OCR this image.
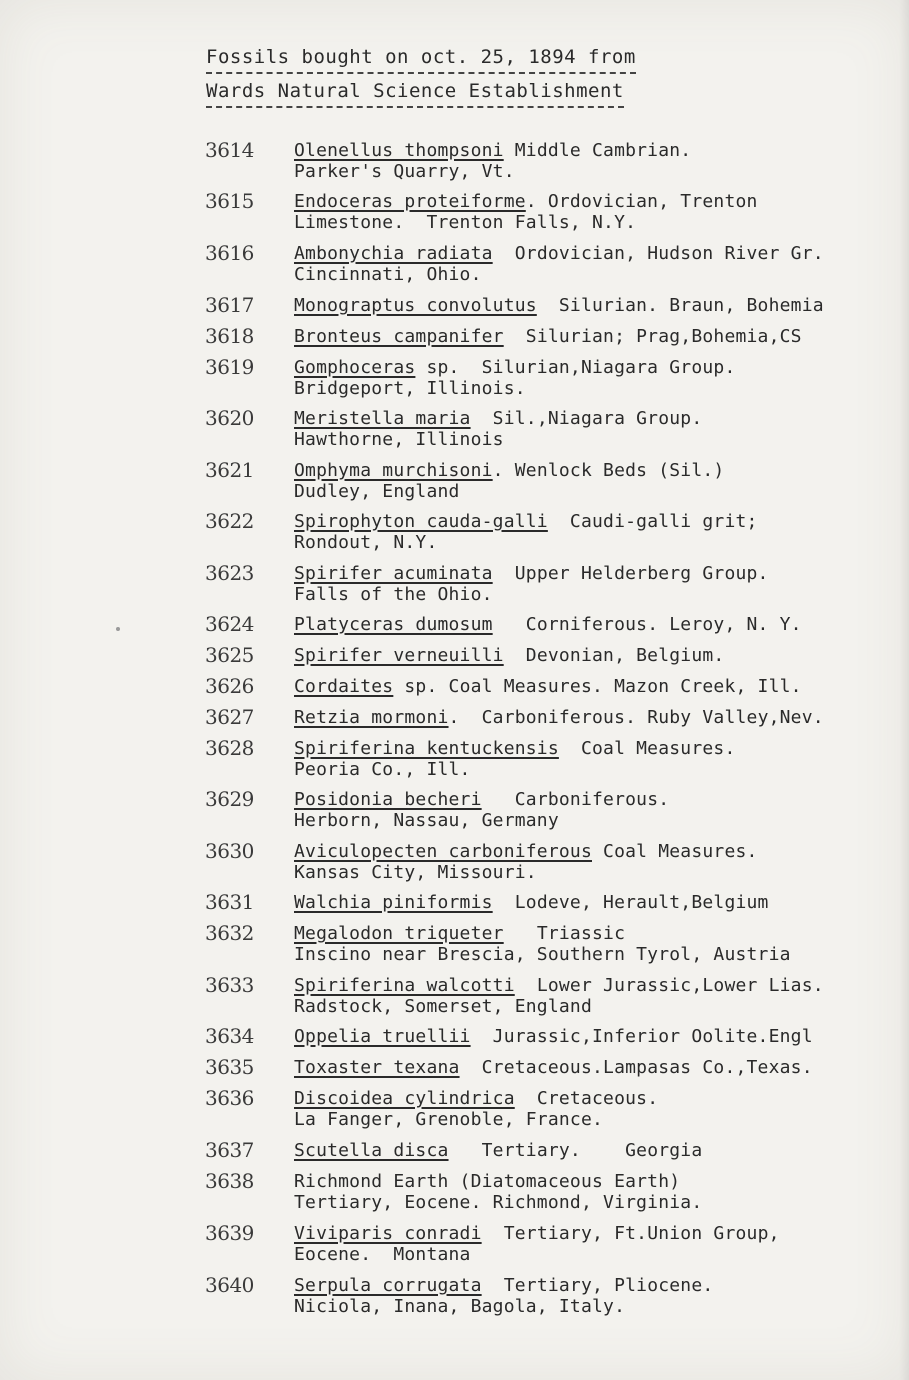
Fossils bought on oct. 25, 1894 from
Wards Natural Science Establishment
3614 Olenellus thompsoni Middle Cambrian.
Parker's Quarry, Vt.
3615 Endoceras proteiforme. Ordovician, Trenton
Limestone.  Trenton Falls, N.Y.
3616 Ambonychia radiata  Ordovician, Hudson River Gr.
Cincinnati, Ohio.
3617 Monograptus convolutus  Silurian. Braun, Bohemia
3618 Bronteus campanifer  Silurian; Prag,Bohemia,CS
3619 Gomphoceras sp.  Silurian,Niagara Group.
Bridgeport, Illinois.
3620 Meristella maria  Sil.,Niagara Group.
Hawthorne, Illinois
3621 Omphyma murchisoni. Wenlock Beds (Sil.)
Dudley, England
3622 Spirophyton cauda-galli  Caudi-galli grit;
Rondout, N.Y.
3623 Spirifer acuminata  Upper Helderberg Group.
Falls of the Ohio.
3624 Platyceras dumosum   Corniferous. Leroy, N. Y.
3625 Spirifer verneuilli  Devonian, Belgium.
3626 Cordaites sp. Coal Measures. Mazon Creek, Ill.
3627 Retzia mormoni.  Carboniferous. Ruby Valley,Nev.
3628 Spiriferina kentuckensis  Coal Measures.
Peoria Co., Ill.
3629 Posidonia becheri   Carboniferous.
Herborn, Nassau, Germany
3630 Aviculopecten carboniferous Coal Measures.
Kansas City, Missouri.
3631 Walchia piniformis  Lodeve, Herault,Belgium
3632 Megalodon triqueter   Triassic
Inscino near Brescia, Southern Tyrol, Austria
3633 Spiriferina walcotti  Lower Jurassic,Lower Lias.
Radstock, Somerset, England
3634 Oppelia truellii  Jurassic,Inferior Oolite.Engl
3635 Toxaster texana  Cretaceous.Lampasas Co.,Texas.
3636 Discoidea cylindrica  Cretaceous.
La Fanger, Grenoble, France.
3637 Scutella disca   Tertiary.    Georgia
3638 Richmond Earth (Diatomaceous Earth)
Tertiary, Eocene. Richmond, Virginia.
3639 Viviparis conradi  Tertiary, Ft.Union Group,
Eocene.  Montana
3640 Serpula corrugata  Tertiary, Pliocene.
Niciola, Inana, Bagola, Italy.
